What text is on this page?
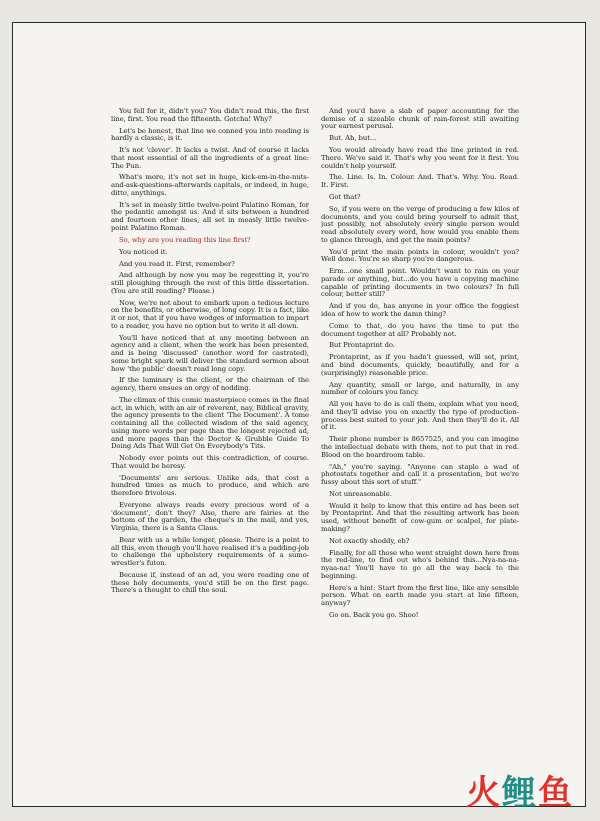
You fell for it, didn't you? You didn't read this, the first line, first. You read the fifteenth. Gotcha! Why?

Let's be honest, that line we conned you into reading is hardly a classic, is it.

It's not 'clever'. It lacks a twist. And of course it lacks that most essential of all the ingredients of a great line: The Pun.

What's more, it's not set in huge, kick-em-in-the-nuts-and-ask-questions-afterwards capitals, or indeed, in huge, ditto, anythings.

It's set in measly little twelve-point Palatino Roman, for the pedantic amongst us. And it sits between a hundred and fourteen other lines, all set in measly little twelve-point Palatino Roman.

So, why are you reading this line first?

You noticed it.

And you read it. First, remember?

And although by now you may be regretting it, you're still ploughing through the rest of this little dissertation. (You are still reading? Please.)

Now, we're not about to embark upon a tedious lecture on the benefits, or otherwise, of long copy. It is a fact, like it or not, that if you have wodges of information to impart to a reader, you have no option but to write it all down.

You'll have noticed that at any meeting between an agency and a client, when the work has been presented, and is being 'discussed' (another word for castrated), some bright spark will deliver the standard sermon about how 'the public' doesn't read long copy.

If the luminary is the client, or the chairman of the agency, there ensues an orgy of nodding.

The climax of this comic masterpiece comes in the final act, in which, with an air of reverent, nay, Biblical gravity, the agency presents to the client 'The Document'. A tome containing all the collected wisdom of the said agency, using more words per page than the longest rejected ad, and more pages than the Doctor & Grubble Guide To Doing Ads That Will Get On Everybody's Tits.

Nobody ever points out this contradiction, of course. That would be heresy.

'Documents' are serious. Unlike ads, that cost a hundred times as much to produce, and which are therefore frivolous.

Everyone always reads every precious word of a 'document', don't they? Also, there are fairies at the bottom of the garden, the cheque's in the mail, and yes, Virginia, there is a Santa Claus.

Bear with us a while longer, please. There is a point to all this, even though you'll have realised it's a padding-job to challenge the upholstery requirements of a sumo-wrestler's futon.

Because if, instead of an ad, you were reading one of these holy documents, you'd still be on the first page. There's a thought to chill the soul.

And you'd have a slab of paper accounting for the demise of a sizeable chunk of rain-forest still awaiting your earnest perusal.

But. Ah, but...

You would already have read the line printed in red. There. We've said it. That's why you went for it first. You couldn't help yourself.

The. Line. Is. In. Colour. And. That's. Why. You. Read. It. First.

Got that?

So, if you were on the verge of producing a few kilos of documents, and you could bring yourself to admit that, just possibly, not absolutely every single person would read absolutely every word, how would you enable them to glance through, and get the main points?

You'd print the main points in colour, wouldn't you? Well done. You're so sharp you're dangerous.

Erm...one small point. Wouldn't want to rain on your parade or anything, but...do you have a copying machine capable of printing documents in two colours? In full colour, better still?

And if you do, has anyone in your office the foggiest idea of how to work the damn thing?

Come to that, do you have the time to put the document together at all? Probably not.

But Prontaprint do.

Prontaprint, as if you hadn't guessed, will set, print, and bind documents, quickly, beautifully, and for a (surprisingly) reasonable price.

Any quantity, small or large, and naturally, in any number of colours you fancy.

All you have to do is call them, explain what you need, and they'll advise you on exactly the type of production-process best suited to your job. And then they'll do it. All of it.

Their phone number is 8657525, and you can imagine the intellectual debate with them, not to put that in red. Blood on the boardroom table.

"Ah," you're saying. "Anyone can staple a wad of photostats together and call it a presentation, but we're fussy about this sort of stuff."

Not unreasonable.

Would it help to know that this entire ad has been set by Prontaprint. And that the resulting artwork has been used, without benefit of cow-gum or scalpel, for plate-making?

Not exactly shoddy, eh?

Finally, for all those who went straight down here from the red-line, to find out who's behind this...Nya-na-na-nyaa-na! You'll have to go all the way back to the beginning.

Here's a hint: Start from the first line, like any sensible person. What on earth made you start at line fifteen, anyway?

Go on. Back you go. Shoo!

火 鲤 鱼
